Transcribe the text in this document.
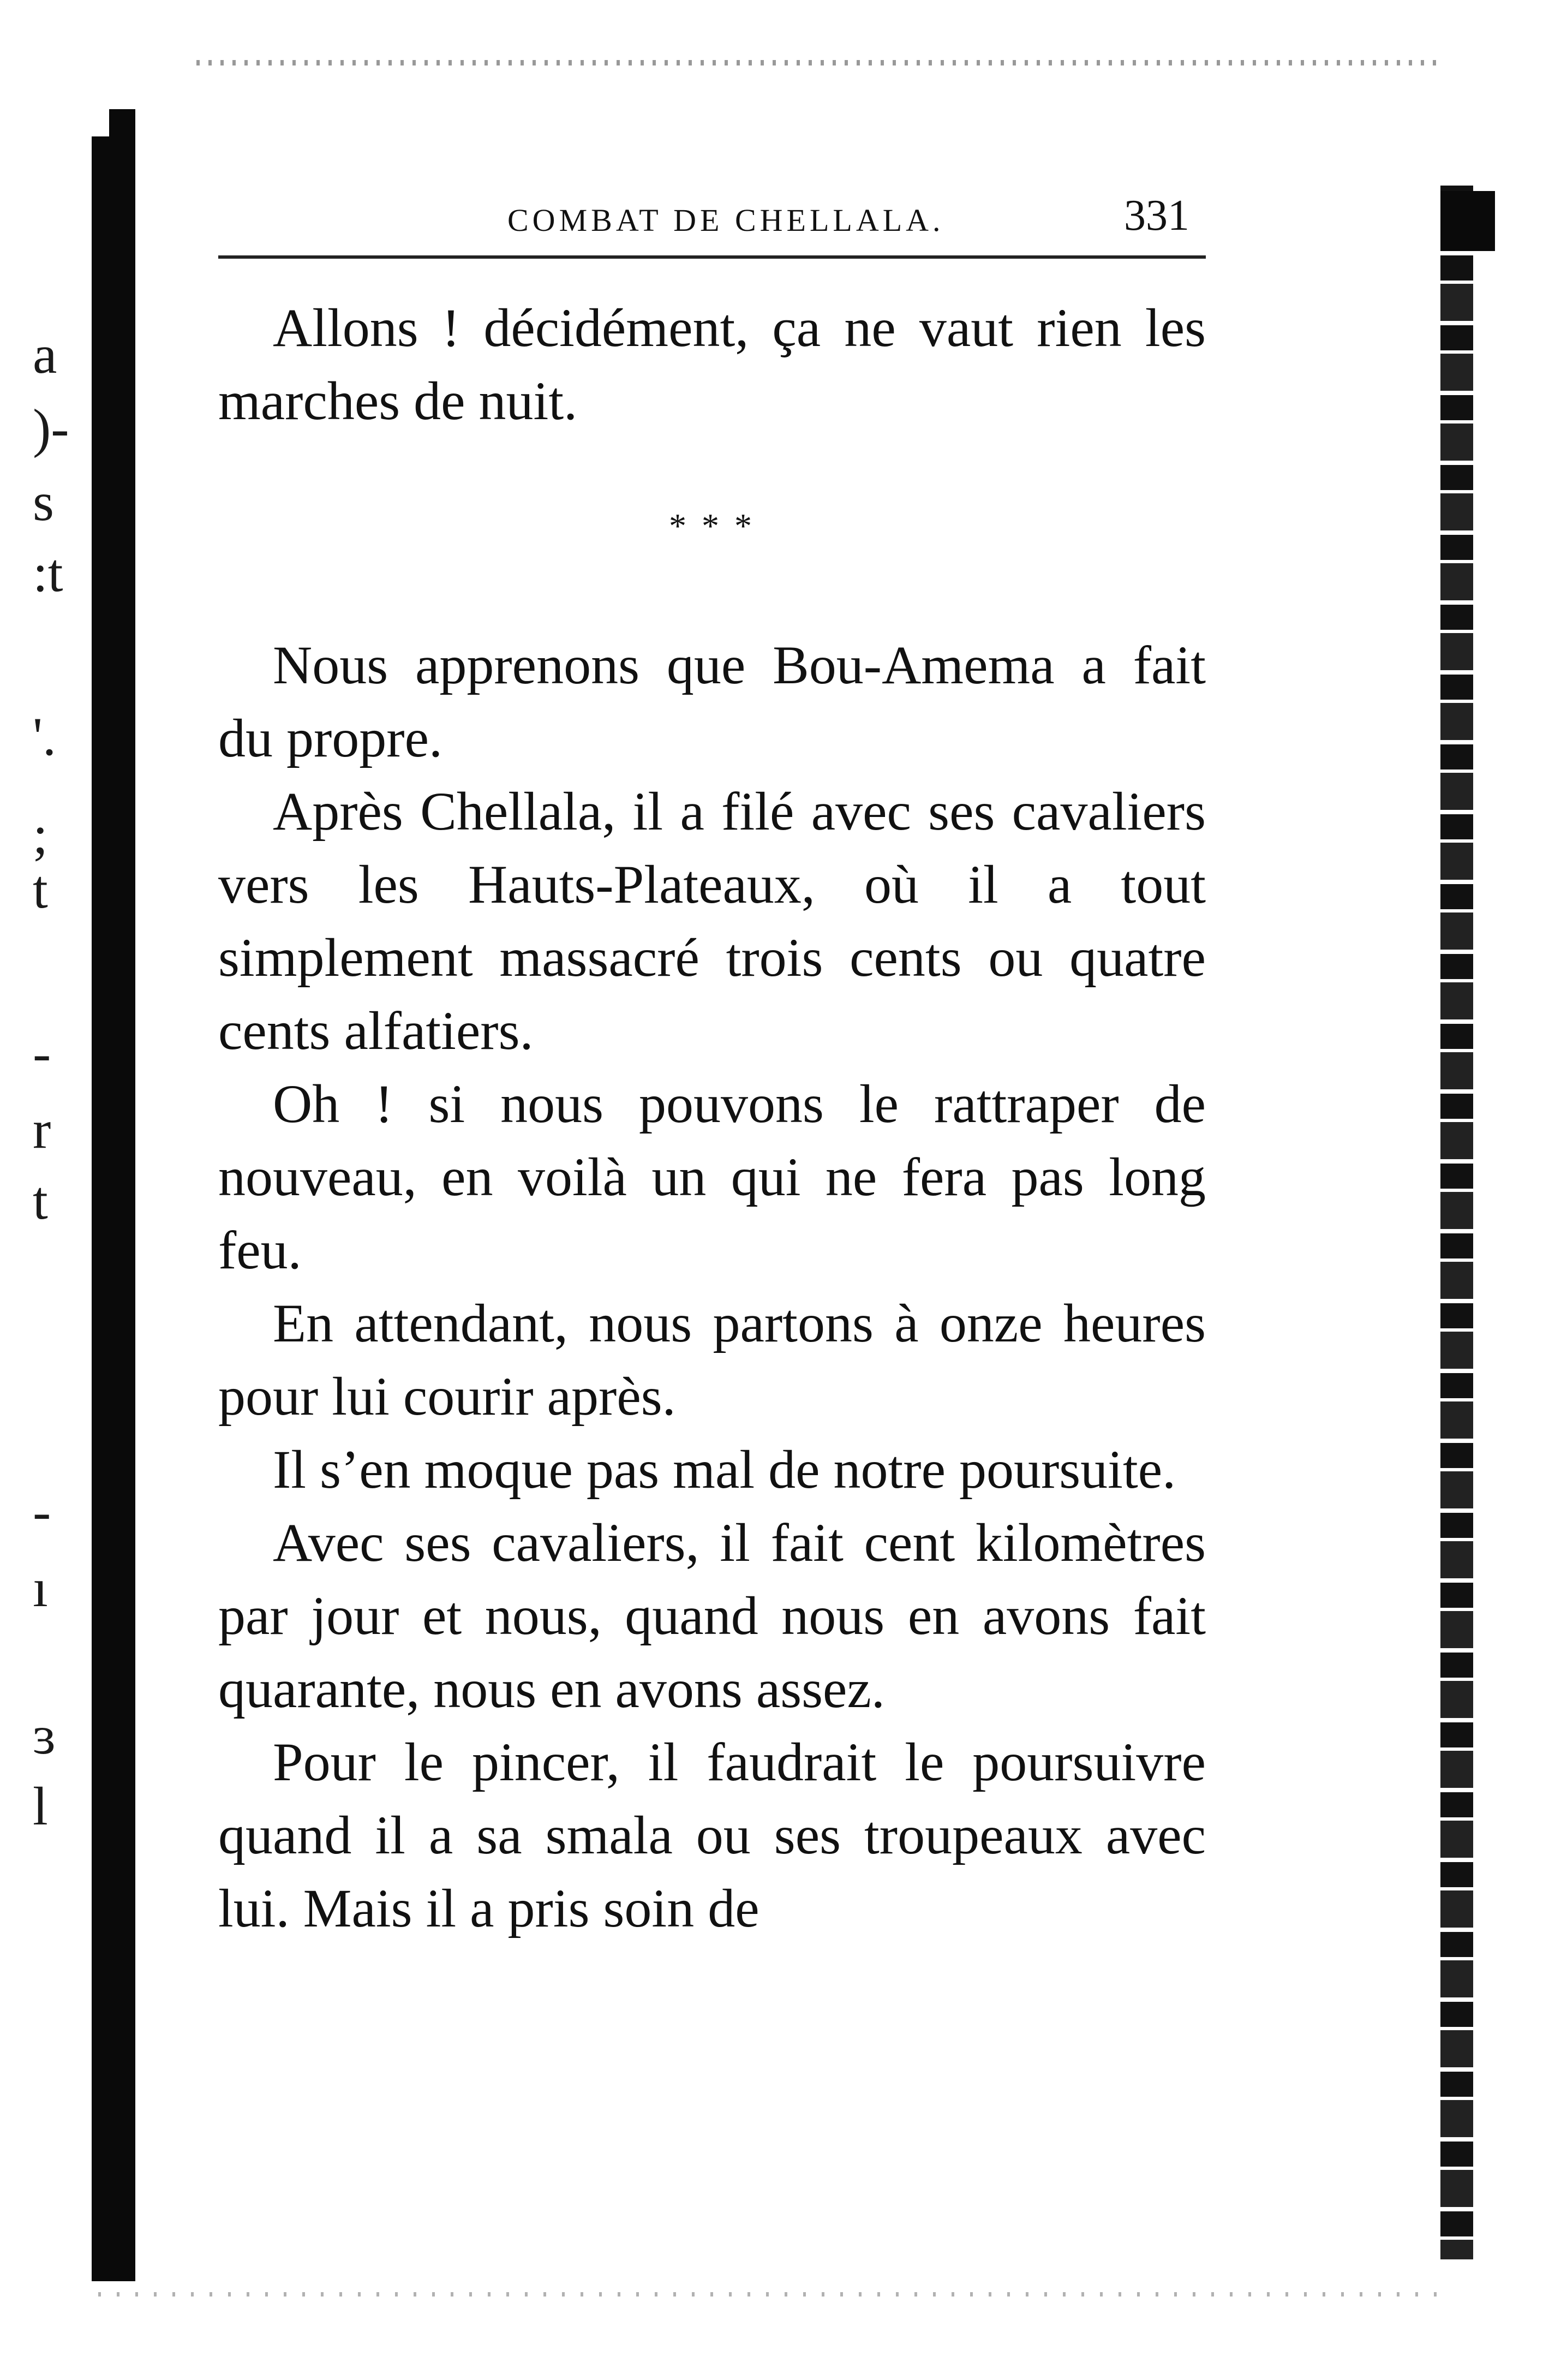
a
)-
s
:t
'.
;
t
-
r
t
-
ı
ɜ
l
COMBAT DE CHELLALA.	331

Allons ! décidément, ça ne vaut rien les marches de nuit.

* * *

Nous apprenons que Bou-Amema a fait du propre.

Après Chellala, il a filé avec ses cavaliers vers les Hauts-Plateaux, où il a tout simplement massacré trois cents ou quatre cents alfatiers.

Oh ! si nous pouvons le rattraper de nouveau, en voilà un qui ne fera pas long feu.

En attendant, nous partons à onze heures pour lui courir après.

Il s’en moque pas mal de notre poursuite.

Avec ses cavaliers, il fait cent kilomètres par jour et nous, quand nous en avons fait quarante, nous en avons assez.

Pour le pincer, il faudrait le poursuivre quand il a sa smala ou ses troupeaux avec lui. Mais il a pris soin de
